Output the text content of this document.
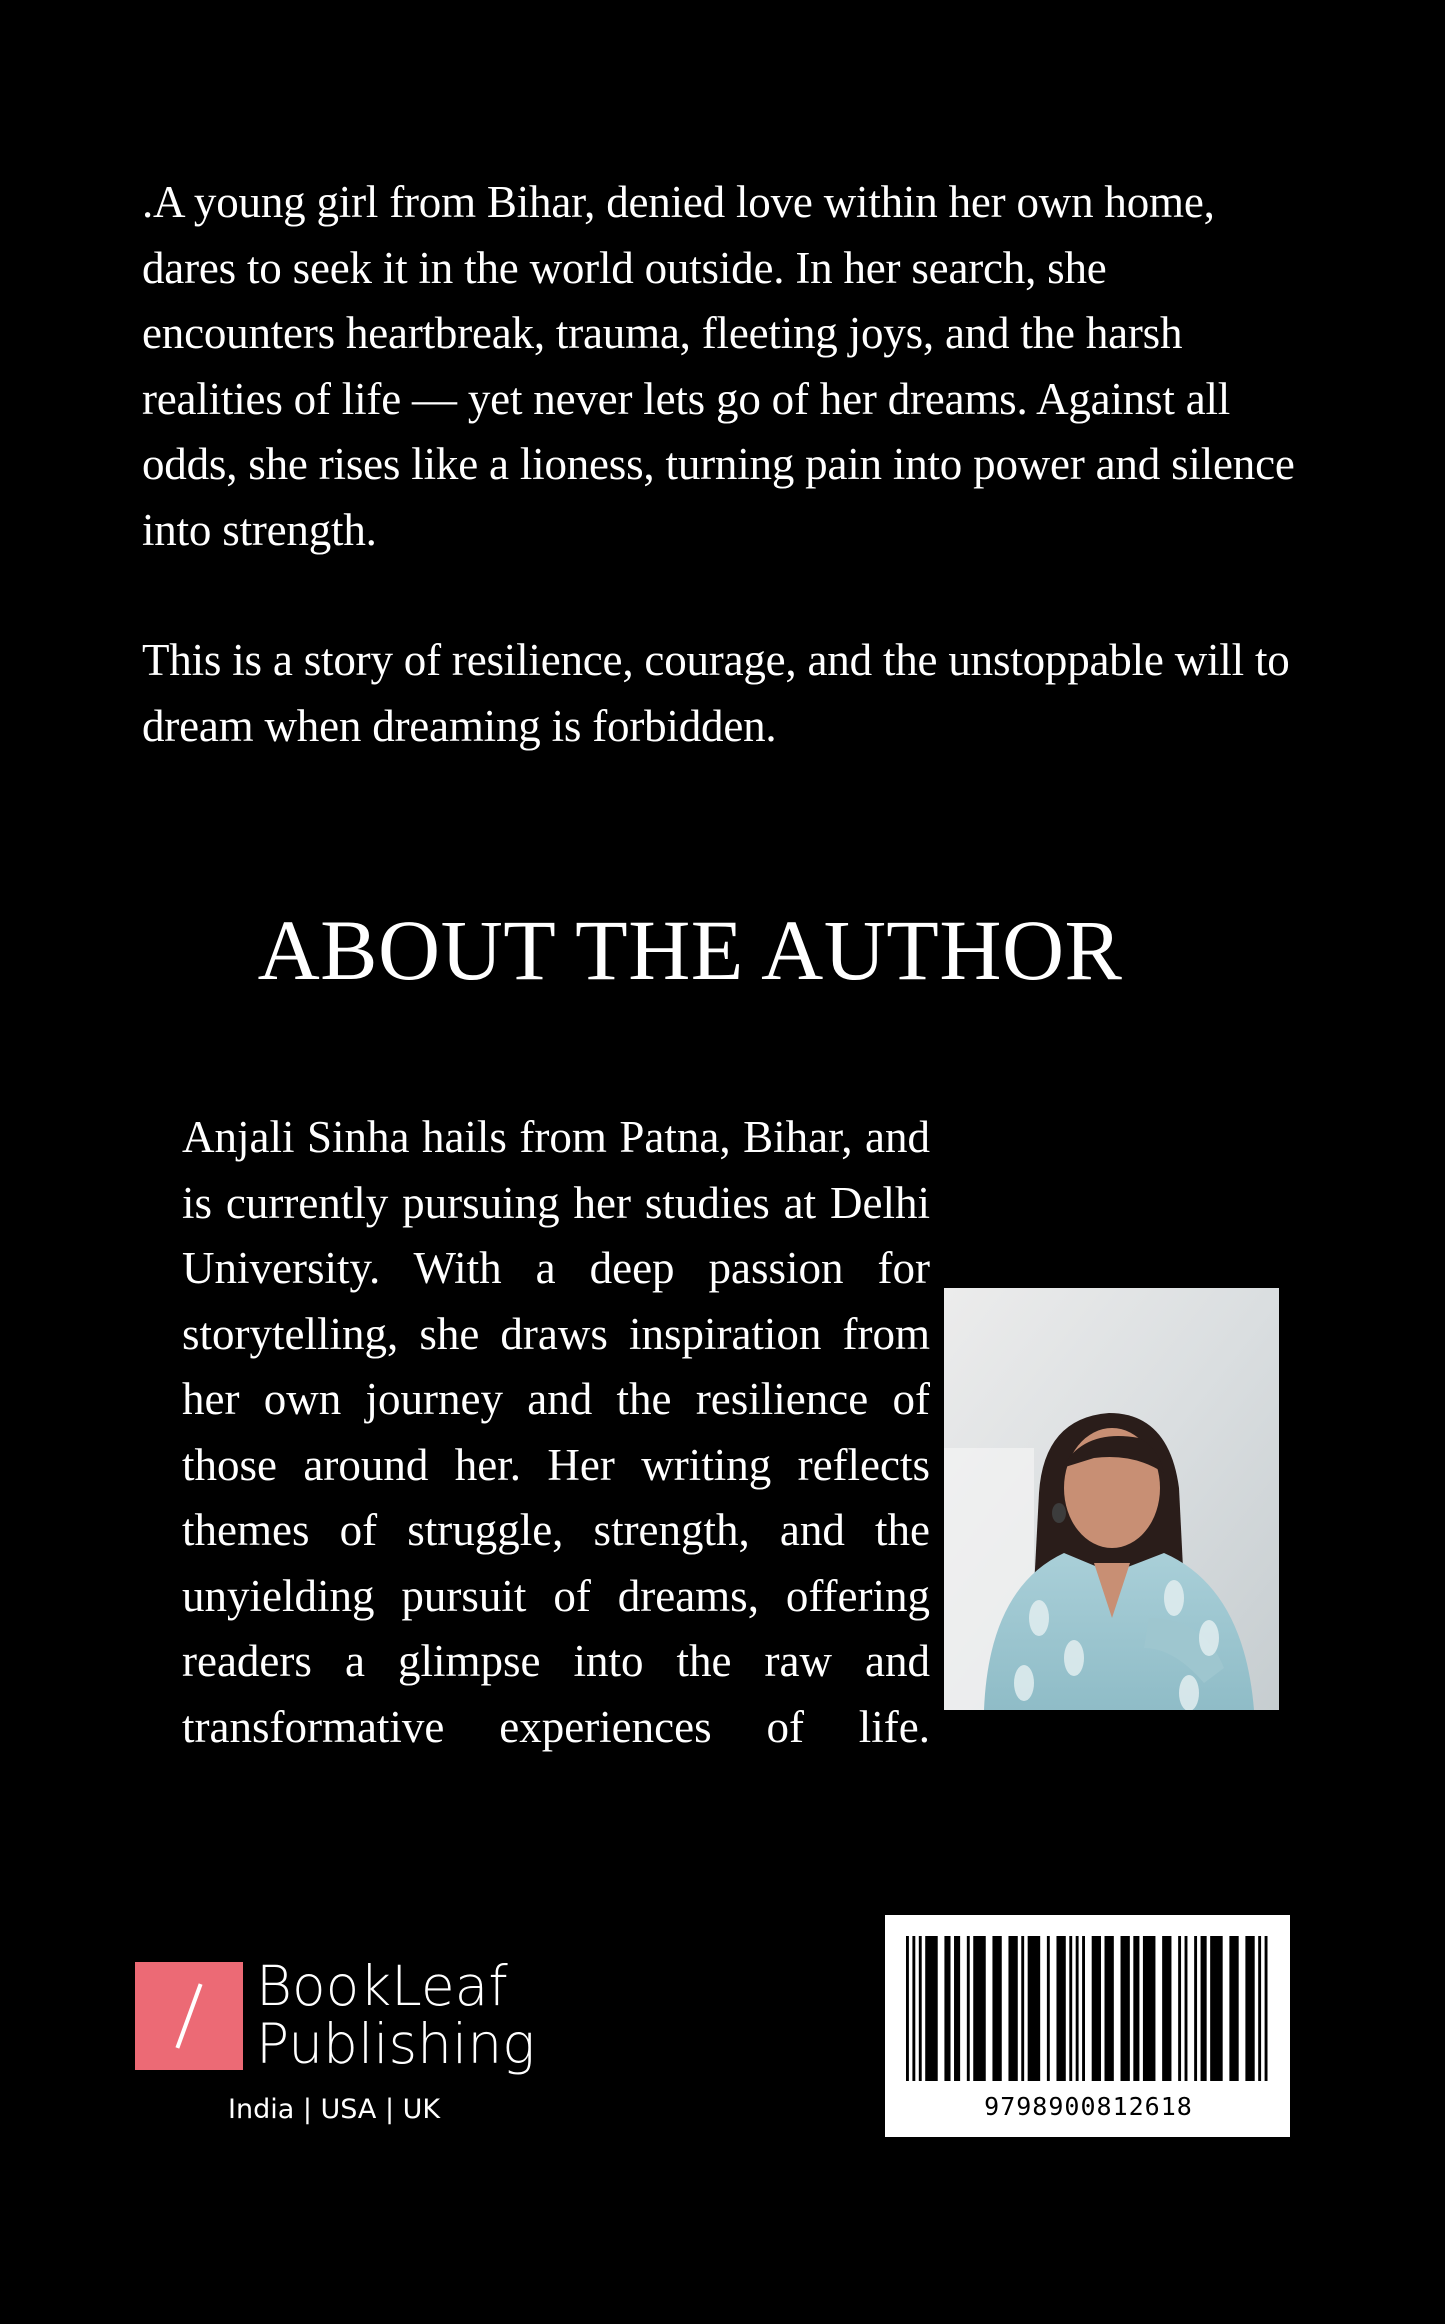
.A young girl from Bihar, denied love within her own home, dares to seek it in the world outside. In her search, she encounters heartbreak, trauma, fleeting joys, and the harsh realities of life — yet never lets go of her dreams. Against all odds, she rises like a lioness, turning pain into power and silence into strength.

This is a story of resilience, courage, and the unstoppable will to dream when dreaming is forbidden.

ABOUT THE AUTHOR

Anjali Sinha hails from Patna, Bihar, and is currently pursuing her studies at Delhi University. With a deep passion for storytelling, she draws inspiration from her own journey and the resilience of those around her. Her writing reflects themes of struggle, strength, and the unyielding pursuit of dreams, offering readers a glimpse into the raw and transformative experiences of life.

BookLeaf
Publishing
India | USA | UK	9798900812618
